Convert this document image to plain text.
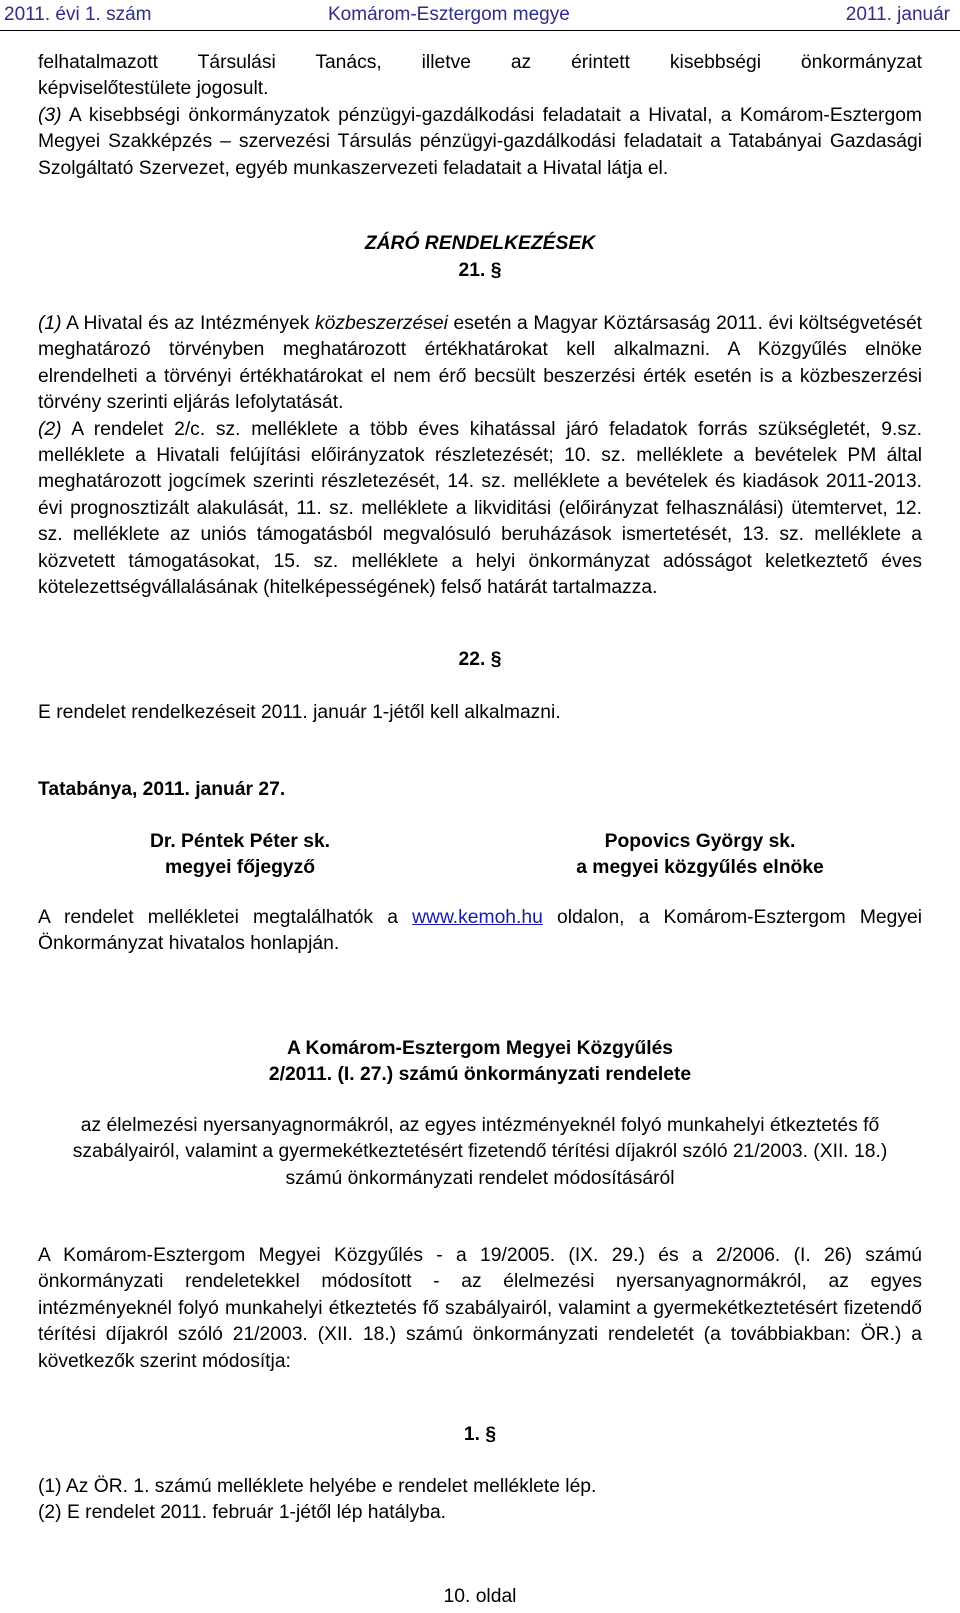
2011. évi 1. szám	Komárom-Esztergom megye	2011. január

felhatalmazott Társulási Tanács, illetve az érintett kisebbségi önkormányzat

képviselőtestülete jogosult.

(3) A kisebbségi önkormányzatok pénzügyi-gazdálkodási feladatait a Hivatal, a Komárom-Esztergom Megyei Szakképzés – szervezési Társulás pénzügyi-gazdálkodási feladatait a Tatabányai Gazdasági Szolgáltató Szervezet, egyéb munkaszervezeti feladatait a Hivatal látja el.

ZÁRÓ RENDELKEZÉSEK
21. §

(1) A Hivatal és az Intézmények közbeszerzései esetén a Magyar Köztársaság 2011. évi költségvetését meghatározó törvényben meghatározott értékhatárokat kell alkalmazni. A Közgyűlés elnöke elrendelheti a törvényi értékhatárokat el nem érő becsült beszerzési érték esetén is a közbeszerzési törvény szerinti eljárás lefolytatását.

(2) A rendelet 2/c. sz. melléklete a több éves kihatással járó feladatok forrás szükségletét, 9.sz. melléklete a Hivatali felújítási előirányzatok részletezését; 10. sz. melléklete a bevételek PM által meghatározott jogcímek szerinti részletezését, 14. sz. melléklete a bevételek és kiadások 2011-2013. évi prognosztizált alakulását, 11. sz. melléklete a likviditási (előirányzat felhasználási) ütemtervet, 12. sz. melléklete az uniós támogatásból megvalósuló beruházások ismertetését, 13. sz. melléklete a közvetett támogatásokat, 15. sz. melléklete a helyi önkormányzat adósságot keletkeztető éves kötelezettségvállalásának (hitelképességének) felső határát tartalmazza.

22. §
E rendelet rendelkezéseit 2011. január 1-jétől kell alkalmazni.
Tatabánya, 2011. január 27.
Dr. Péntek Péter sk.
megyei főjegyző
Popovics György sk.
a megyei közgyűlés elnöke

A rendelet mellékletei megtalálhatók a www.kemoh.hu oldalon, a Komárom-Esztergom Megyei Önkormányzat hivatalos honlapján.

A Komárom-Esztergom Megyei Közgyűlés
2/2011. (I. 27.) számú önkormányzati rendelete
az élelmezési nyersanyagnormákról, az egyes intézményeknél folyó munkahelyi étkeztetés fő szabályairól, valamint a gyermekétkeztetésért fizetendő térítési díjakról szóló 21/2003. (XII. 18.) számú önkormányzati rendelet módosításáról

A Komárom-Esztergom Megyei Közgyűlés - a 19/2005. (IX. 29.) és a 2/2006. (I. 26) számú önkormányzati rendeletekkel módosított - az élelmezési nyersanyagnormákról, az egyes intézményeknél folyó munkahelyi étkeztetés fő szabályairól, valamint a gyermekétkeztetésért fizetendő térítési díjakról szóló 21/2003. (XII. 18.) számú önkormányzati rendeletét (a továbbiakban: ÖR.) a következők szerint módosítja:

1. §
(1) Az ÖR. 1. számú melléklete helyébe e rendelet melléklete lép.
(2) E rendelet 2011. február 1-jétől lép hatályba.
10. oldal
